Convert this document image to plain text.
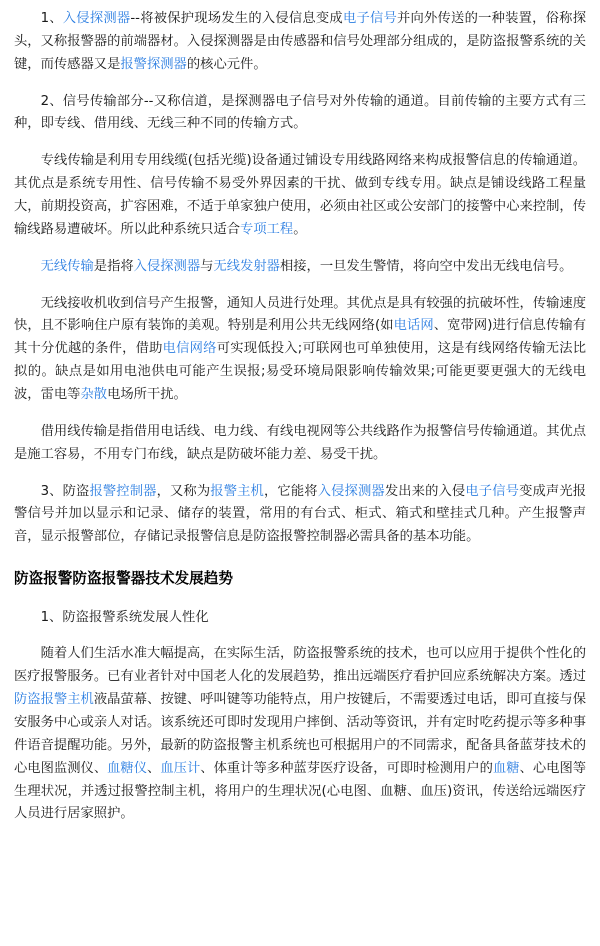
1、入侵探测器--将被保护现场发生的入侵信息变成电子信号并向外传送的一种装置，俗称探头，又称报警器的前端器材。入侵探测器是由传感器和信号处理部分组成的，是防盗报警系统的关键，而传感器又是报警探测器的核心元件。

2、信号传输部分--又称信道，是探测器电子信号对外传输的通道。目前传输的主要方式有三种，即专线、借用线、无线三种不同的传输方式。

专线传输是利用专用线缆(包括光缆)设备通过铺设专用线路网络来构成报警信息的传输通道。其优点是系统专用性、信号传输不易受外界因素的干扰、做到专线专用。缺点是铺设线路工程量大，前期投资高，扩容困难，不适于单家独户使用，必须由社区或公安部门的接警中心来控制，传输线路易遭破坏。所以此种系统只适合专项工程。

无线传输是指将入侵探测器与无线发射器相接，一旦发生警情，将向空中发出无线电信号。

无线接收机收到信号产生报警，通知人员进行处理。其优点是具有较强的抗破坏性，传输速度快，且不影响住户原有装饰的美观。特别是利用公共无线网络(如电话网、宽带网)进行信息传输有其十分优越的条件，借助电信网络可实现低投入;可联网也可单独使用，这是有线网络传输无法比拟的。缺点是如用电池供电可能产生误报;易受环境局限影响传输效果;可能更要更强大的无线电波，雷电等杂散电场所干扰。

借用线传输是指借用电话线、电力线、有线电视网等公共线路作为报警信号传输通道。其优点是施工容易，不用专门布线，缺点是防破坏能力差、易受干扰。

3、防盗报警控制器，又称为报警主机，它能将入侵探测器发出来的入侵电子信号变成声光报警信号并加以显示和记录、储存的装置，常用的有台式、柜式、箱式和壁挂式几种。产生报警声音，显示报警部位，存储记录报警信息是防盗报警控制器必需具备的基本功能。

防盗报警防盗报警器技术发展趋势

1、防盗报警系统发展人性化

随着人们生活水准大幅提高，在实际生活，防盗报警系统的技术，也可以应用于提供个性化的医疗报警服务。已有业者针对中国老人化的发展趋势，推出远端医疗看护回应系统解决方案。透过防盗报警主机液晶萤幕、按键、呼叫键等功能特点，用户按键后，不需要透过电话，即可直接与保安服务中心或亲人对话。该系统还可即时发现用户摔倒、活动等资讯，并有定时吃药提示等多种事件语音提醒功能。另外，最新的防盗报警主机系统也可根据用户的不同需求，配备具备蓝芽技术的心电图监测仪、血糖仪、血压计、体重计等多种蓝芽医疗设备，可即时检测用户的血糖、心电图等生理状况，并透过报警控制主机，将用户的生理状况(心电图、血糖、血压)资讯，传送给远端医疗人员进行居家照护。
